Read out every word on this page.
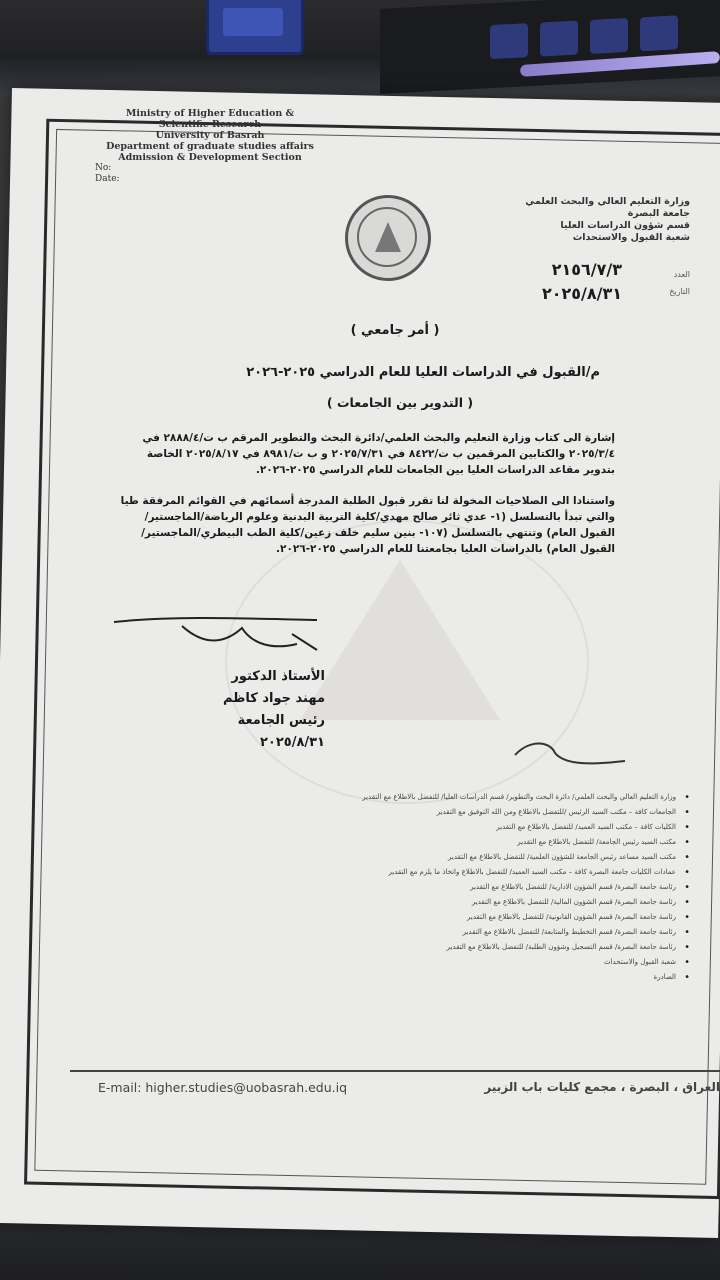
Ministry of Higher Education &
Scientific Research
University of Basrah
Department of graduate studies affairs
Admission & Development Section
No:
Date:
وزارة التعليم العالي والبحث العلمي
جامعة البصرة
قسم شؤون الدراسات العليا
شعبة القبول والاستحداث
العدد
التاريخ
٢١٥٦/٧/٣
٢٠٢٥/٨/٣١
( أمر جامعي )
م/القبول في الدراسات العليا للعام الدراسي ٢٠٢٥-٢٠٢٦
( التدوير بين الجامعات )
إشارة الى كتاب وزارة التعليم والبحث العلمي/دائرة البحث والتطوير المرقم ب ت/٢٨٨٨/٤ في ٢٠٢٥/٣/٤ والكتابين المرقمين ب ت/٨٤٢٢ في ٢٠٢٥/٧/٣١ و ب ت/٨٩٨١ في ٢٠٢٥/٨/١٧ الخاصة بتدوير مقاعد الدراسات العليا بين الجامعات للعام الدراسي ٢٠٢٥-٢٠٢٦.
واستنادا الى الصلاحيات المخولة لنا تقرر قبول الطلبة المدرجة أسمائهم في القوائم المرفقة طيا والتي تبدأ بالتسلسل (١- عدي ثائر صالح مهدي/كلية التربية البدنية وعلوم الرياضة/الماجستير/القبول العام) وتنتهي بالتسلسل (١٠٧- بنين سليم خلف زعين/كلية الطب البيطري/الماجستير/القبول العام) بالدراسات العليا بجامعتنا للعام الدراسي ٢٠٢٥-٢٠٢٦.
الأستاذ الدكتور
مهند جواد كاظم
رئيس الجامعة
٢٠٢٥/٨/٣١
وزارة التعليم العالي والبحث العلمي/ دائرة البحث والتطوير/ قسم الدراسات العليا/ للتفضل بالاطلاع مع التقدير •
الجامعات كافة – مكتب السيد الرئيس /للتفضل بالاطلاع ومن الله التوفيق مع التقدير •
الكليات كافة – مكتب السيد العميد/ للتفضل بالاطلاع مع التقدير •
مكتب السيد رئيس الجامعة/ للتفضل بالاطلاع مع التقدير •
مكتب السيد مساعد رئيس الجامعة للشؤون العلمية/ للتفضل بالاطلاع مع التقدير •
عمادات الكليات جامعة البصرة كافة – مكتب السيد العميد/ للتفضل بالاطلاع واتخاذ ما يلزم مع التقدير •
رئاسة جامعة البصرة/ قسم الشؤون الادارية/ للتفضل بالاطلاع مع التقدير •
رئاسة جامعة البصرة/ قسم الشؤون المالية/ للتفضل بالاطلاع مع التقدير •
رئاسة جامعة البصرة/ قسم الشؤون القانونية/ للتفضل بالاطلاع مع التقدير •
رئاسة جامعة البصرة/ قسم التخطيط والمتابعة/ للتفضل بالاطلاع مع التقدير •
رئاسة جامعة البصرة/ قسم التسجيل وشؤون الطلبة/ للتفضل بالاطلاع مع التقدير •
شعبة القبول والاستحداث •
الصادرة •
E-mail: higher.studies@uobasrah.edu.iq	العراق ، البصرة ، مجمع كليات باب الزبير
